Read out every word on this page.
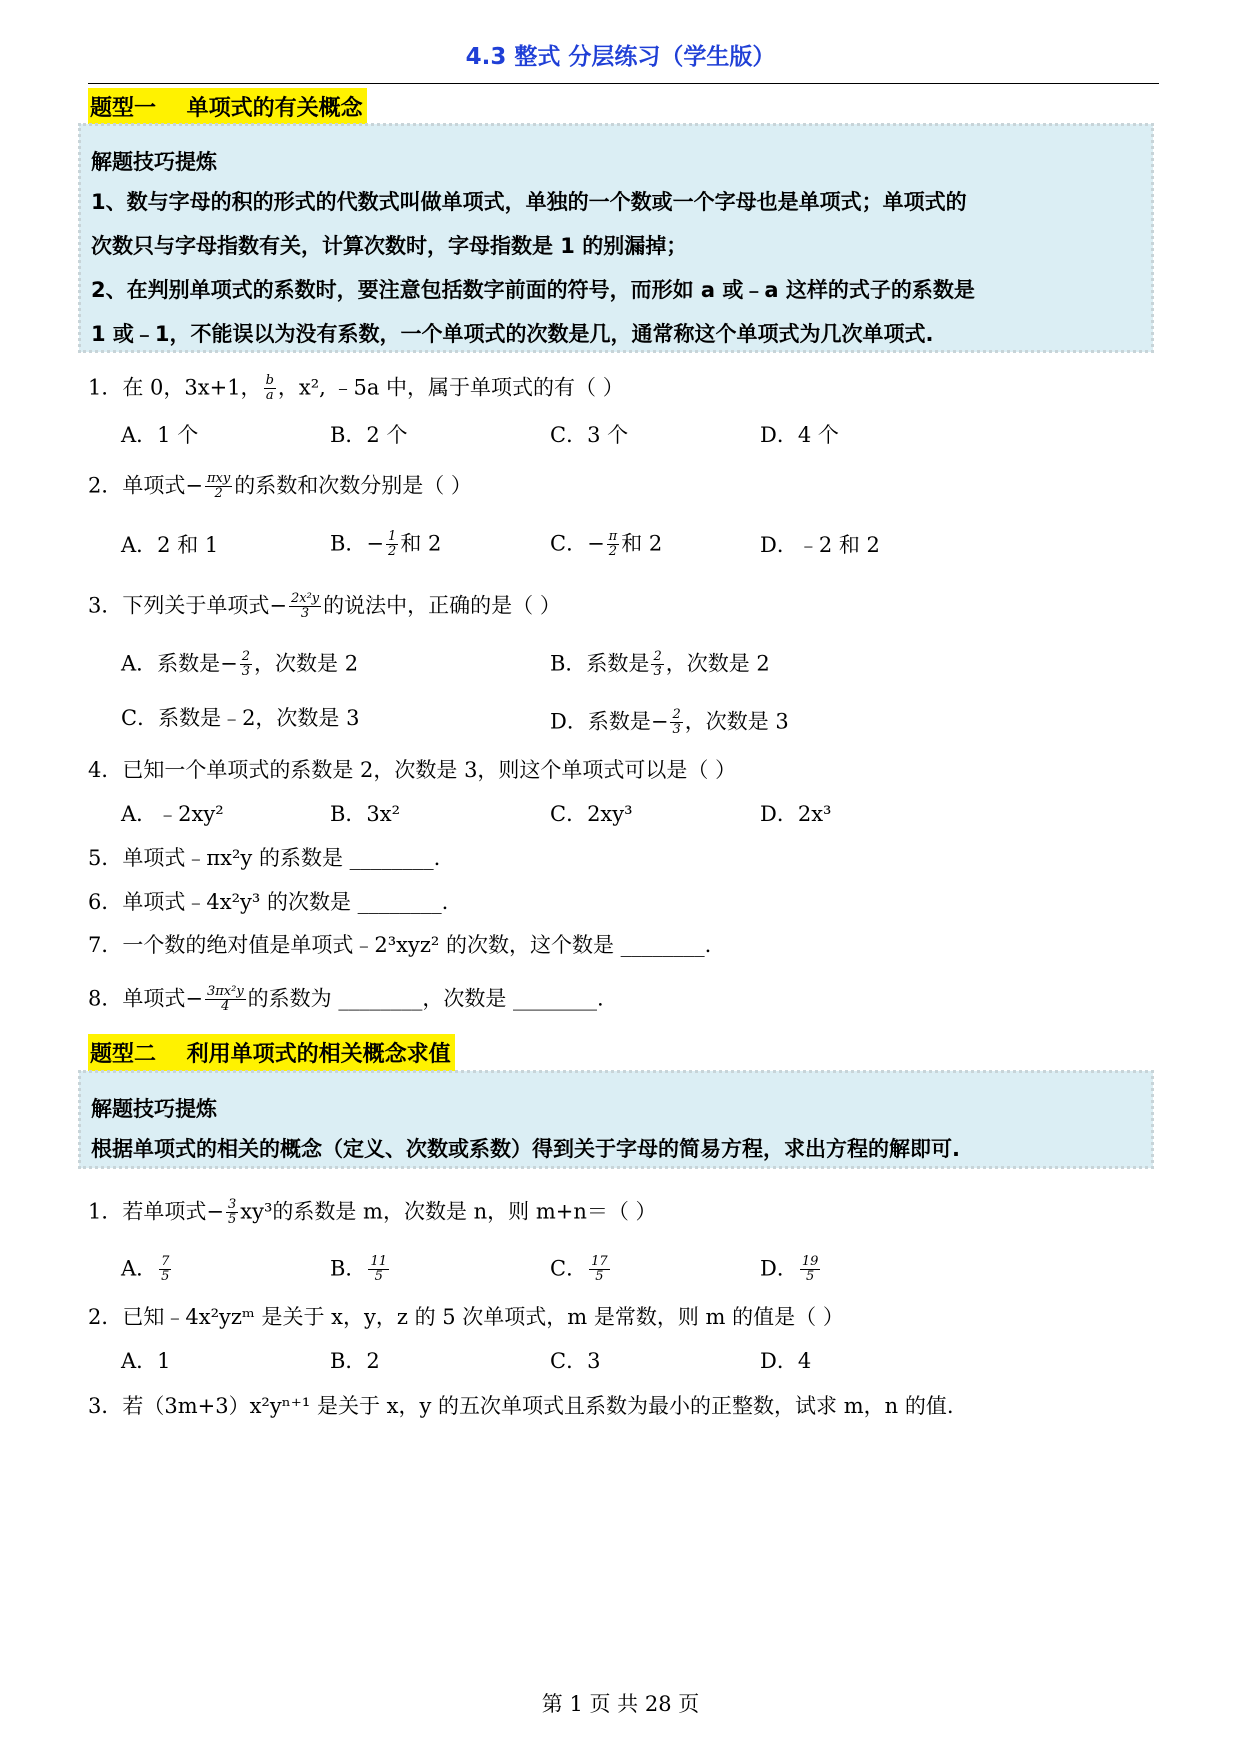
4.3 整式 分层练习（学生版）
题型一    单项式的有关概念
解题技巧提炼
1、数与字母的积的形式的代数式叫做单项式，单独的一个数或一个字母也是单项式；单项式的
次数只与字母指数有关，计算次数时，字母指数是 1 的别漏掉；
2、在判别单项式的系数时，要注意包括数字前面的符号，而形如 a 或﹣a 这样的式子的系数是
1 或﹣1，不能误以为没有系数，一个单项式的次数是几，通常称这个单项式为几次单项式.
1．在 0，3x+1， $\frac{b}{a}$ ，x², ﹣5a 中，属于单项式的有（ ）
A．1 个	B．2 个	C．3 个	D．4 个
2．单项式− $\frac{\text{πxy}}{2}$ 的系数和次数分别是（ ）
A．2 和 1	B．− $\frac{1}{2}$ 和 2	C．− $\frac{\pi}{2}$ 和 2	D．﹣2 和 2
3．下列关于单项式− $\frac{\text{2x²y}}{3}$ 的说法中，正确的是（ ）
A．系数是− $\frac{2}{3}$ ，次数是 2	B．系数是 $\frac{2}{3}$ ，次数是 2
C．系数是﹣2，次数是 3	D．系数是− $\frac{2}{3}$ ，次数是 3
4．已知一个单项式的系数是 2，次数是 3，则这个单项式可以是（ ）
A．﹣2xy²	B．3x²	C．2xy³	D．2x³
5．单项式﹣πx²y 的系数是 ________.
6．单项式﹣4x²y³ 的次数是 ________.
7．一个数的绝对值是单项式﹣2³xyz² 的次数，这个数是 ________.
8．单项式− $\frac{\text{3πx²y}}{4}$ 的系数为 ________，次数是 ________.
题型二    利用单项式的相关概念求值
解题技巧提炼
根据单项式的相关的概念（定义、次数或系数）得到关于字母的简易方程，求出方程的解即可.
1．若单项式− $\frac{3}{5} xy^3$的系数是 m，次数是 n，则 m+n＝（ ）
A． $\frac{7}{5}$	B． $\frac{11}{5}$	C． $\frac{17}{5}$	D． $\frac{19}{5}$
2．已知﹣4x²yzᵐ 是关于 x，y，z 的 5 次单项式，m 是常数，则 m 的值是（ ）
A．1	B．2	C．3	D．4
3．若（3m+3）x²yⁿ⁺¹ 是关于 x，y 的五次单项式且系数为最小的正整数，试求 m，n 的值.
第 1 页 共 28 页
